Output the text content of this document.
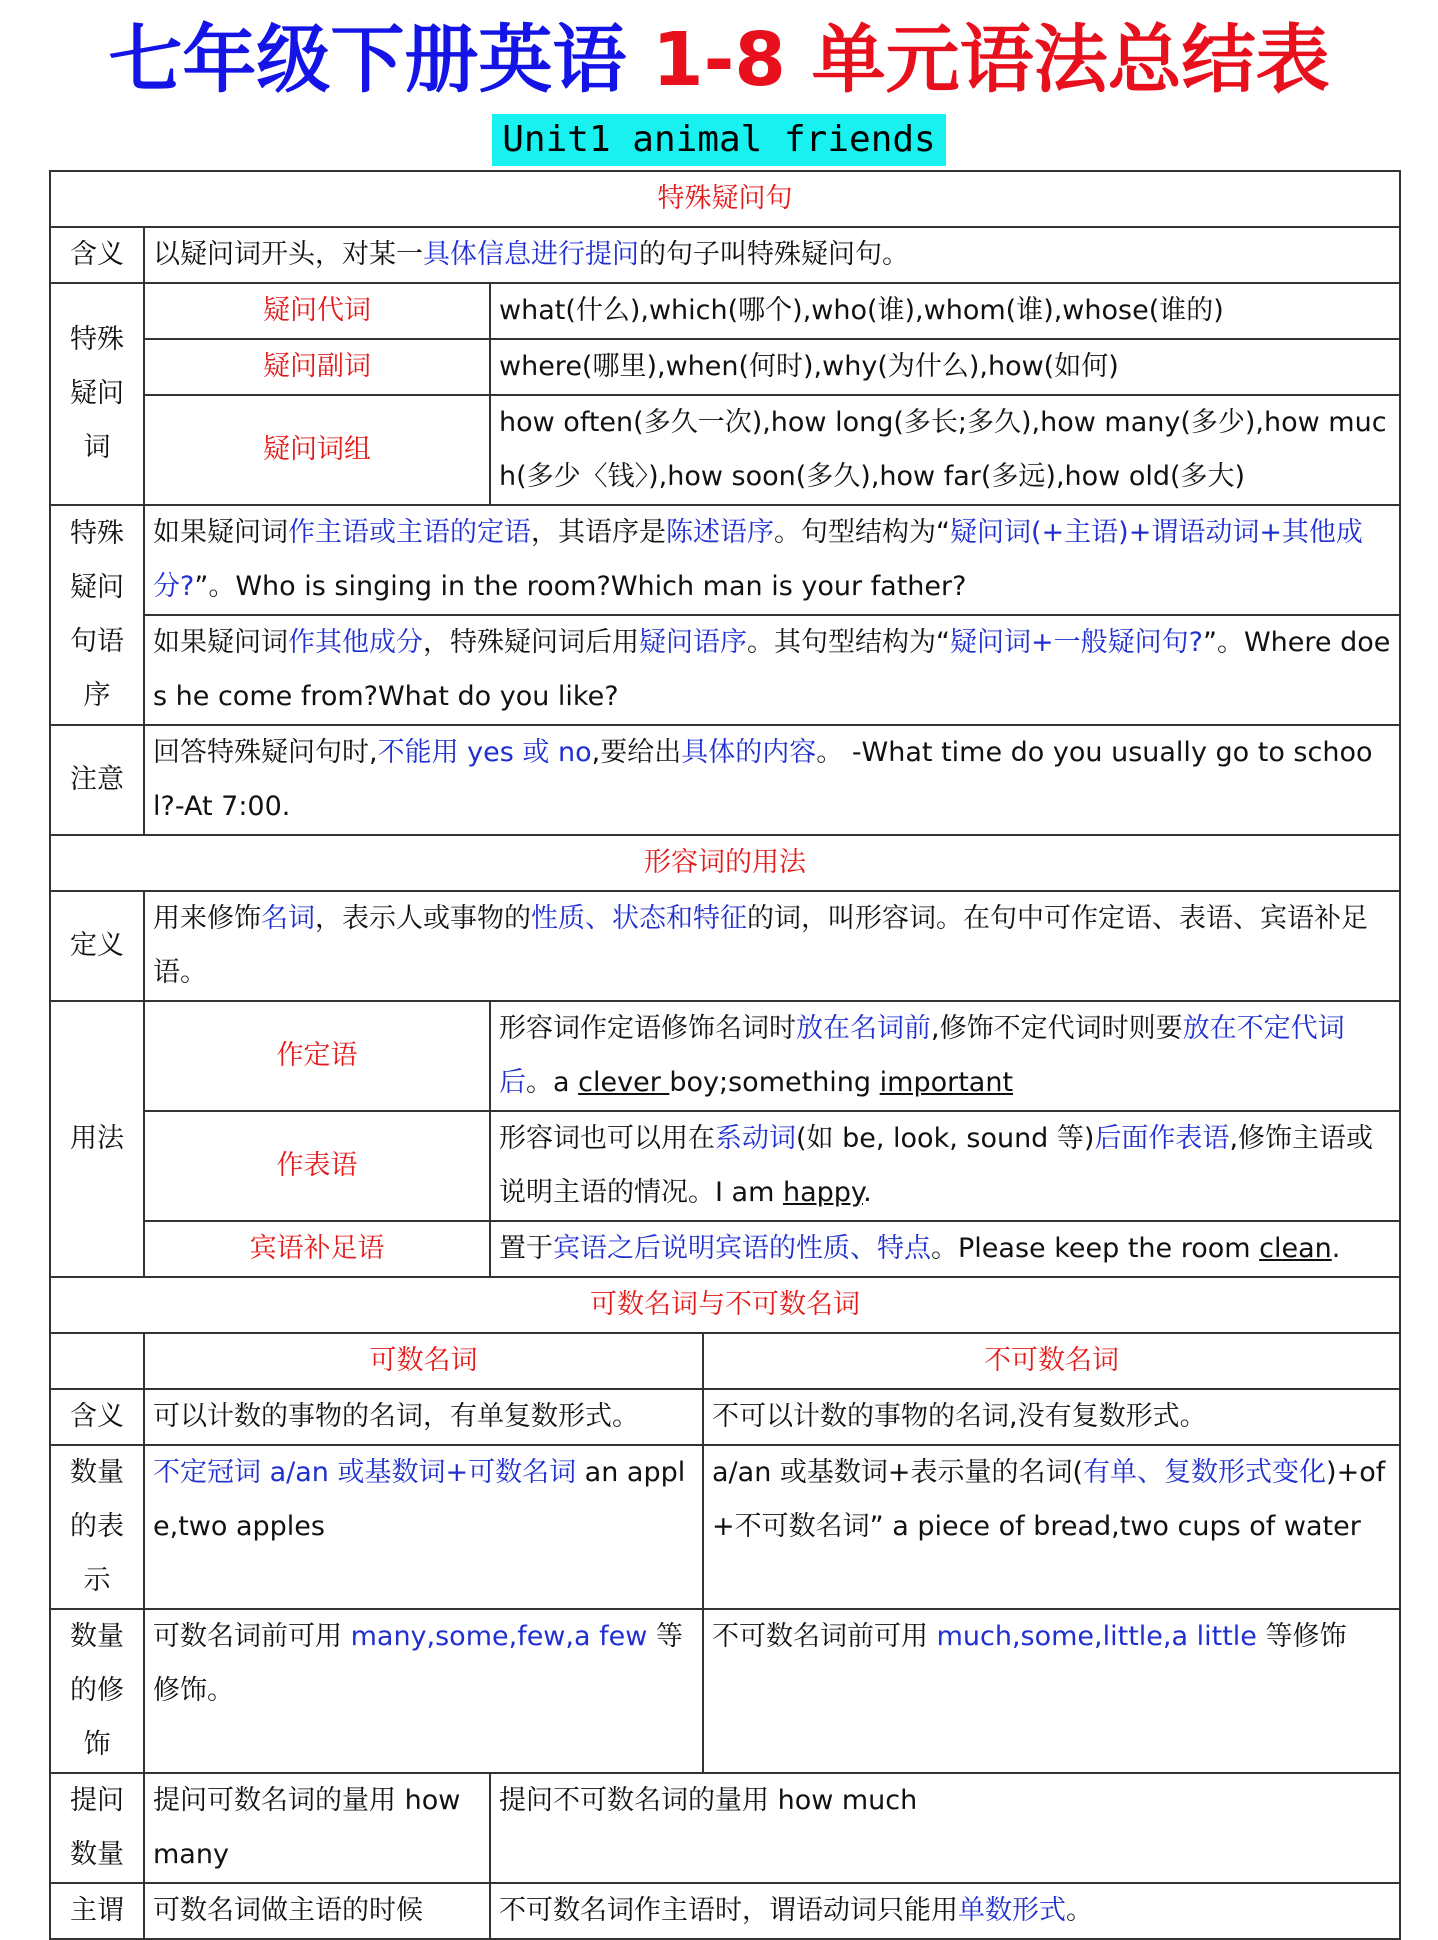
七年级下册英语 1-8 单元语法总结表
Unit1 animal friends
特殊疑问句			
含义	以疑问词开头，对某一具体信息进行提问的句子叫特殊疑问句。		
特殊疑问词	疑问代词	what(什么),which(哪个),who(谁),whom(谁),whose(谁的)	
	疑问副词	where(哪里),when(何时),why(为什么),how(如何)	
	疑问词组	how often(多久一次),how long(多长;多久),how many(多少),how much(多少〈钱〉),how soon(多久),how far(多远),how old(多大)	
特殊疑问句语序	如果疑问词作主语或主语的定语，其语序是陈述语序。句型结构为“疑问词(+主语)+谓语动词+其他成分?”。Who is singing in the room?Which man is your father?		
	如果疑问词作其他成分，特殊疑问词后用疑问语序。其句型结构为“疑问词+一般疑问句?”。Where does he come from?What do you like?		
注意	回答特殊疑问句时,不能用 yes 或 no,要给出具体的内容。 -What time do you usually go to school?-At 7:00.		
形容词的用法			
定义	用来修饰名词，表示人或事物的性质、状态和特征的词，叫形容词。在句中可作定语、表语、宾语补足语。		
用法	作定语	形容词作定语修饰名词时放在名词前,修饰不定代词时则要放在不定代词后。a clever boy;something important	
	作表语	形容词也可以用在系动词(如 be, look, sound 等)后面作表语,修饰主语或说明主语的情况。I am happy.	
	宾语补足语	置于宾语之后说明宾语的性质、特点。Please keep the room clean.	
可数名词与不可数名词			
	可数名词		不可数名词
含义	可以计数的事物的名词，有单复数形式。		不可以计数的事物的名词,没有复数形式。
数量的表示	不定冠词 a/an 或基数词+可数名词 an apple,two apples		a/an 或基数词+表示量的名词(有单、复数形式变化)+of+不可数名词” a piece of bread,two cups of water
数量的修饰	可数名词前可用 many,some,few,a few 等修饰。		不可数名词前可用 much,some,little,a little 等修饰
提问数量	提问可数名词的量用 how many	提问不可数名词的量用 how much	
主谓	可数名词做主语的时候	不可数名词作主语时，谓语动词只能用单数形式。	
